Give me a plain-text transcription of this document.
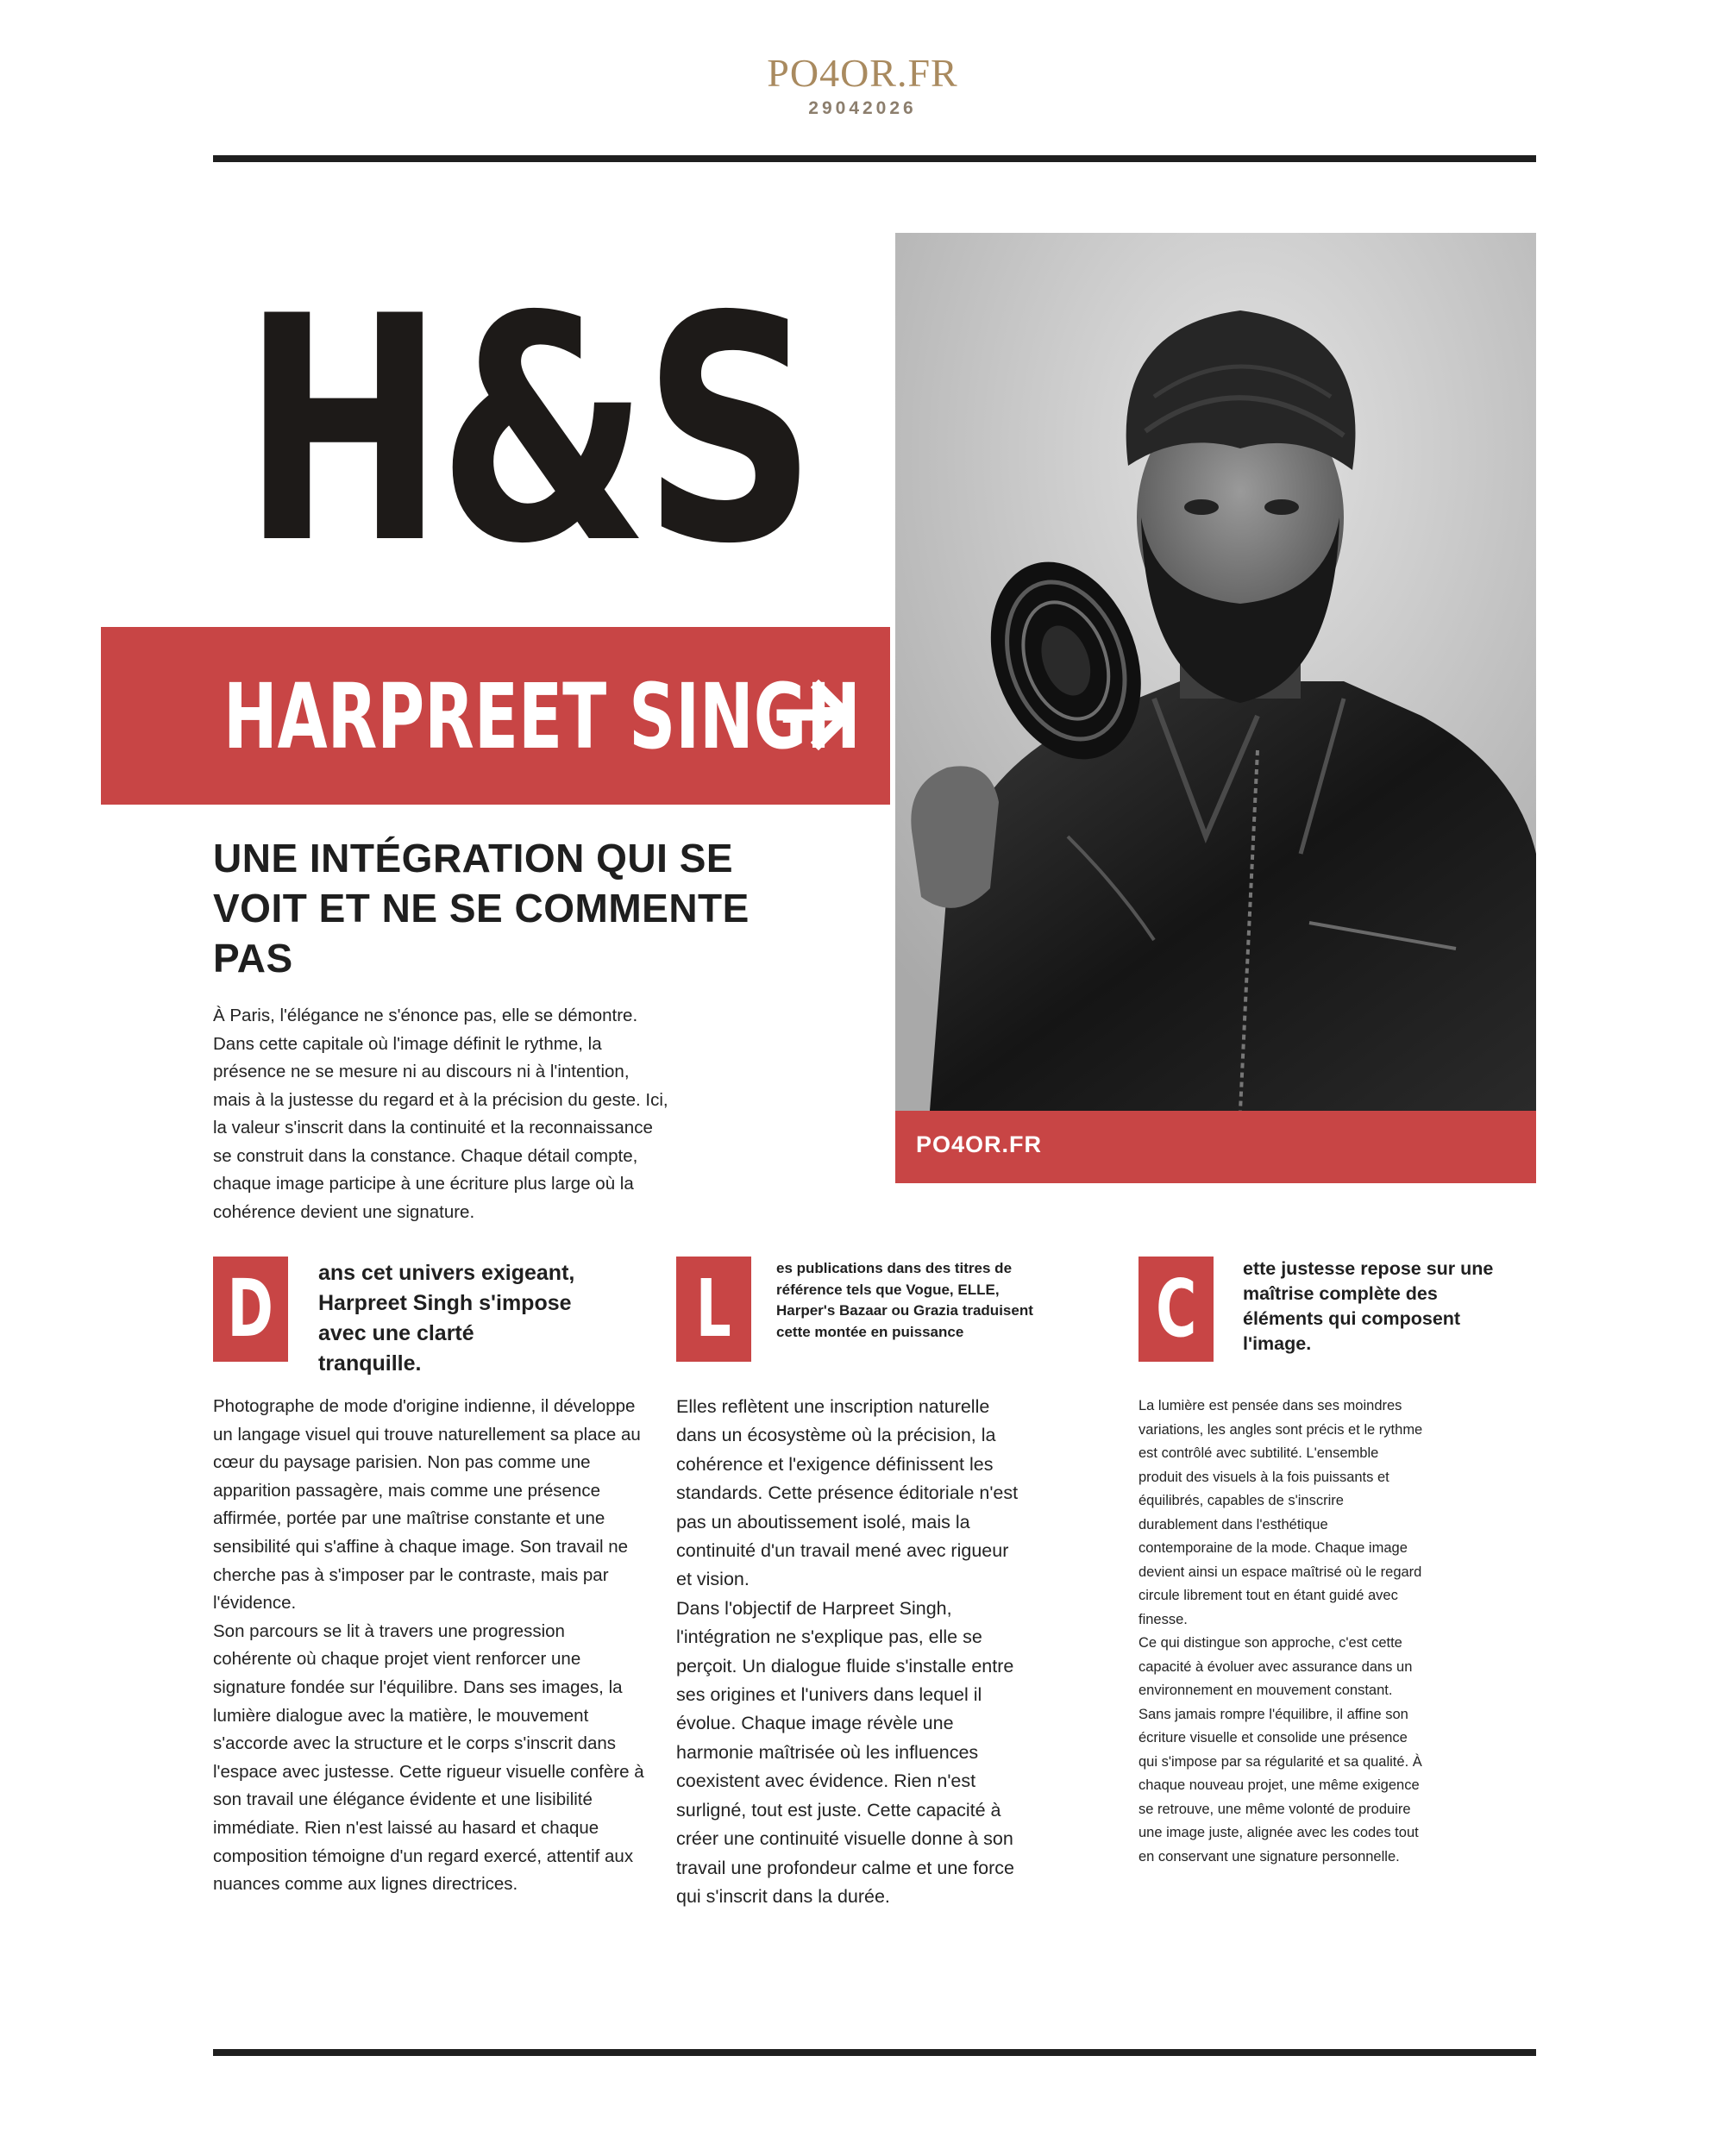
PO4OR.FR
29042026
H&S
HARPREET SINGH
PO4OR.FR
UNE INTÉGRATION QUI SE VOIT ET NE SE COMMENTE PAS
À Paris, l'élégance ne s'énonce pas, elle se démontre. Dans cette capitale où l'image définit le rythme, la présence ne se mesure ni au discours ni à l'intention, mais à la justesse du regard et à la précision du geste. Ici, la valeur s'inscrit dans la continuité et la reconnaissance se construit dans la constance. Chaque détail compte, chaque image participe à une écriture plus large où la cohérence devient une signature.
D ans cet univers exigeant, Harpreet Singh s'impose avec une clarté tranquille.
Photographe de mode d'origine indienne, il développe un langage visuel qui trouve naturellement sa place au cœur du paysage parisien. Non pas comme une apparition passagère, mais comme une présence affirmée, portée par une maîtrise constante et une sensibilité qui s'affine à chaque image. Son travail ne cherche pas à s'imposer par le contraste, mais par l'évidence.
Son parcours se lit à travers une progression cohérente où chaque projet vient renforcer une signature fondée sur l'équilibre. Dans ses images, la lumière dialogue avec la matière, le mouvement s'accorde avec la structure et le corps s'inscrit dans l'espace avec justesse. Cette rigueur visuelle confère à son travail une élégance évidente et une lisibilité immédiate. Rien n'est laissé au hasard et chaque composition témoigne d'un regard exercé, attentif aux nuances comme aux lignes directrices.
L	es publications dans des titres de référence tels que Vogue, ELLE, Harper's Bazaar ou Grazia traduisent cette montée en puissance
Elles reflètent une inscription naturelle dans un écosystème où la précision, la cohérence et l'exigence définissent les standards. Cette présence éditoriale n'est pas un aboutissement isolé, mais la continuité d'un travail mené avec rigueur et vision.
Dans l'objectif de Harpreet Singh, l'intégration ne s'explique pas, elle se perçoit. Un dialogue fluide s'installe entre ses origines et l'univers dans lequel il évolue. Chaque image révèle une harmonie maîtrisée où les influences coexistent avec évidence. Rien n'est surligné, tout est juste. Cette capacité à créer une continuité visuelle donne à son travail une profondeur calme et une force qui s'inscrit dans la durée.
C	ette justesse repose sur une maîtrise complète des éléments qui composent l'image.
La lumière est pensée dans ses moindres variations, les angles sont précis et le rythme est contrôlé avec subtilité. L'ensemble produit des visuels à la fois puissants et équilibrés, capables de s'inscrire durablement dans l'esthétique contemporaine de la mode. Chaque image devient ainsi un espace maîtrisé où le regard circule librement tout en étant guidé avec finesse.
Ce qui distingue son approche, c'est cette capacité à évoluer avec assurance dans un environnement en mouvement constant. Sans jamais rompre l'équilibre, il affine son écriture visuelle et consolide une présence qui s'impose par sa régularité et sa qualité. À chaque nouveau projet, une même exigence se retrouve, une même volonté de produire une image juste, alignée avec les codes tout en conservant une signature personnelle.
